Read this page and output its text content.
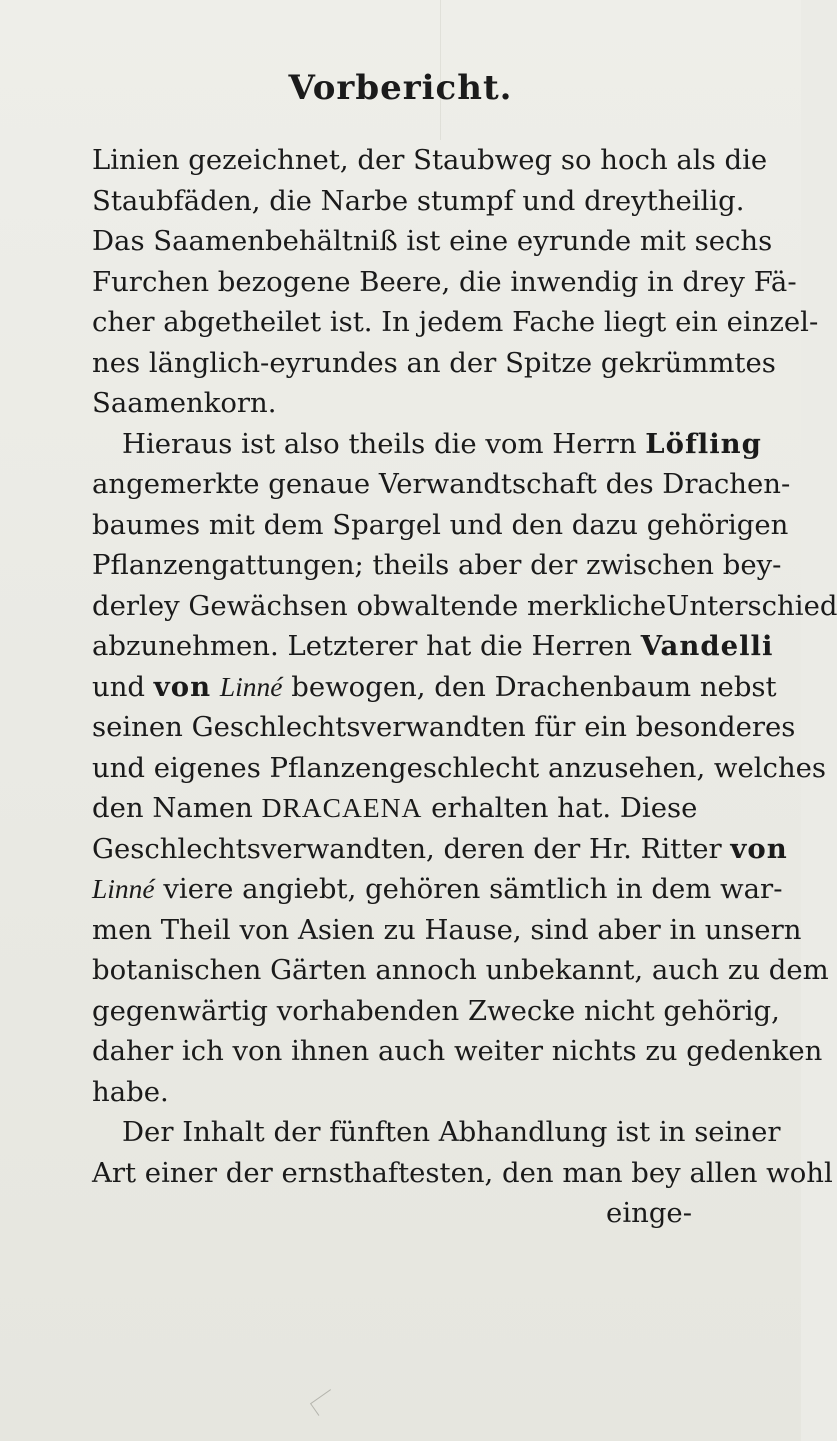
Vorbericht.
Linien gezeichnet, der Staubweg so hoch als die
Staubfäden, die Narbe stumpf und dreytheilig.
Das Saamenbehältniß ist eine eyrunde mit sechs
Furchen bezogene Beere, die inwendig in drey Fä-
cher abgetheilet ist. In jedem Fache liegt ein einzel-
nes länglich-eyrundes an der Spitze gekrümmtes
Saamenkorn.
Hieraus ist also theils die vom Herrn Löfling
angemerkte genaue Verwandtschaft des Drachen-
baumes mit dem Spargel und den dazu gehörigen
Pflanzengattungen; theils aber der zwischen bey-
derley Gewächsen obwaltende merklicheUnterschied
abzunehmen. Letzterer hat die Herren Vandelli
und von Linné bewogen, den Drachenbaum nebst
seinen Geschlechtsverwandten für ein besonderes
und eigenes Pflanzengeschlecht anzusehen, welches
den Namen DRACAENA erhalten hat. Diese
Geschlechtsverwandten, deren der Hr. Ritter von
Linné viere angiebt, gehören sämtlich in dem war-
men Theil von Asien zu Hause, sind aber in unsern
botanischen Gärten annoch unbekannt, auch zu dem
gegenwärtig vorhabenden Zwecke nicht gehörig,
daher ich von ihnen auch weiter nichts zu gedenken
habe.
Der Inhalt der fünften Abhandlung ist in seiner
Art einer der ernsthaftesten, den man bey allen wohl
einge-
